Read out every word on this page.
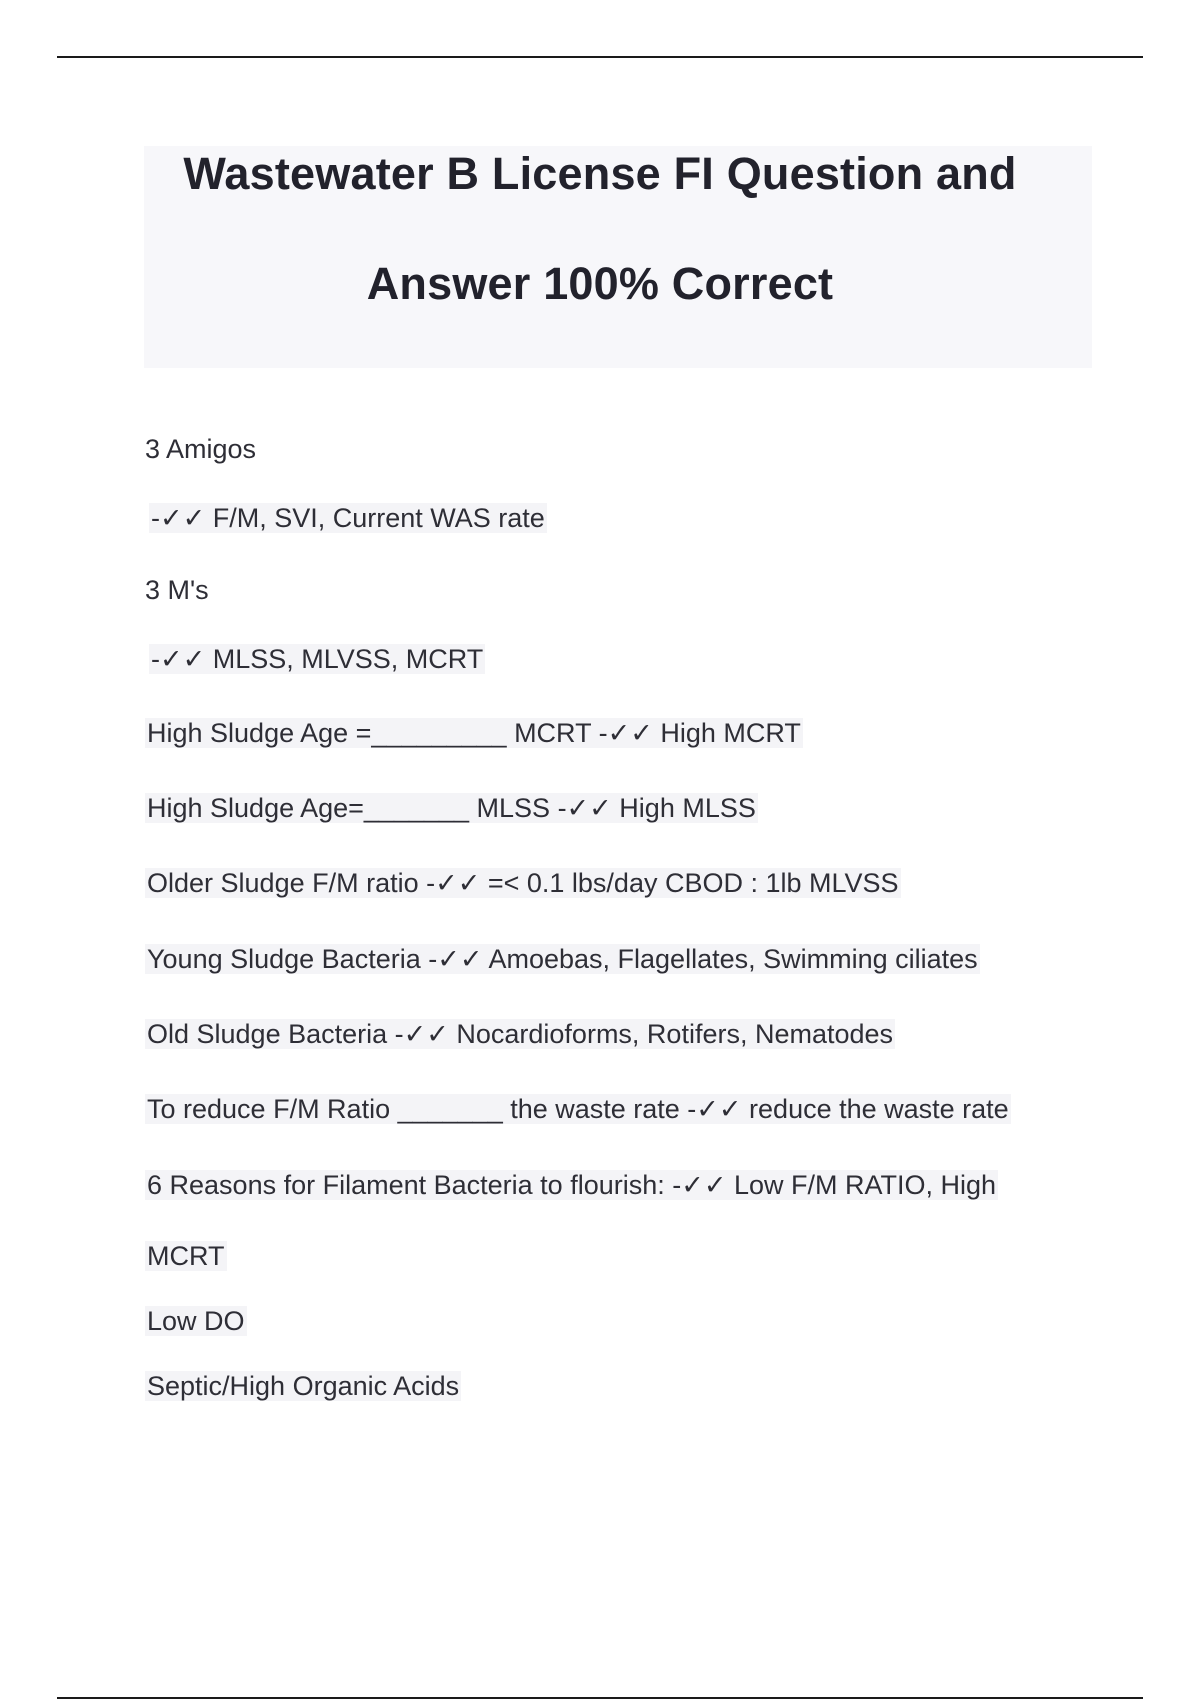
Wastewater B License FI Question and
Answer 100% Correct
3 Amigos
-✓✓ F/M, SVI, Current WAS rate
3 M's
-✓✓ MLSS, MLVSS, MCRT
High Sludge Age =_________ MCRT -✓✓ High MCRT
High Sludge Age=_______ MLSS -✓✓ High MLSS
Older Sludge F/M ratio -✓✓ =< 0.1 lbs/day CBOD : 1lb MLVSS
Young Sludge Bacteria -✓✓ Amoebas, Flagellates, Swimming ciliates
Old Sludge Bacteria -✓✓ Nocardioforms, Rotifers, Nematodes
To reduce F/M Ratio _______ the waste rate -✓✓ reduce the waste rate
6 Reasons for Filament Bacteria to flourish: -✓✓ Low F/M RATIO, High
MCRT
Low DO
Septic/High Organic Acids
